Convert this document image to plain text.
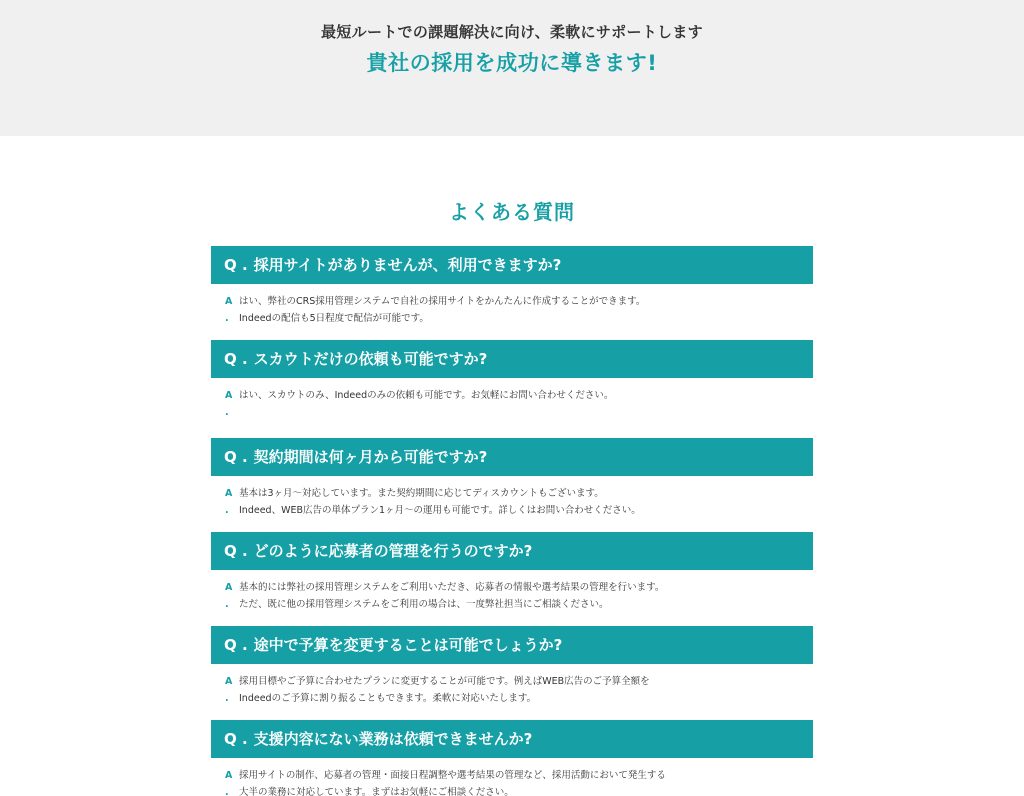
最短ルートでの課題解決に向け、柔軟にサポートします
貴社の採用を成功に導きます!
よくある質問
Q . 採用サイトがありませんが、利用できますか?
A .
はい、弊社のCRS採用管理システムで自社の採用サイトをかんたんに作成することができます。
Indeedの配信も5日程度で配信が可能です。
Q . スカウトだけの依頼も可能ですか?
A .
はい、スカウトのみ、Indeedのみの依頼も可能です。お気軽にお問い合わせください。
Q . 契約期間は何ヶ月から可能ですか?
A .
基本は3ヶ月〜対応しています。また契約期間に応じてディスカウントもございます。
Indeed、WEB広告の単体プラン1ヶ月〜の運用も可能です。詳しくはお問い合わせください。
Q . どのように応募者の管理を行うのですか?
A .
基本的には弊社の採用管理システムをご利用いただき、応募者の情報や選考結果の管理を行います。
ただ、既に他の採用管理システムをご利用の場合は、一度弊社担当にご相談ください。
Q . 途中で予算を変更することは可能でしょうか?
A .
採用目標やご予算に合わせたプランに変更することが可能です。例えばWEB広告のご予算全額を
Indeedのご予算に割り振ることもできます。柔軟に対応いたします。
Q . 支援内容にない業務は依頼できませんか?
A .
採用サイトの制作、応募者の管理・面接日程調整や選考結果の管理など、採用活動において発生する
大半の業務に対応しています。まずはお気軽にご相談ください。
